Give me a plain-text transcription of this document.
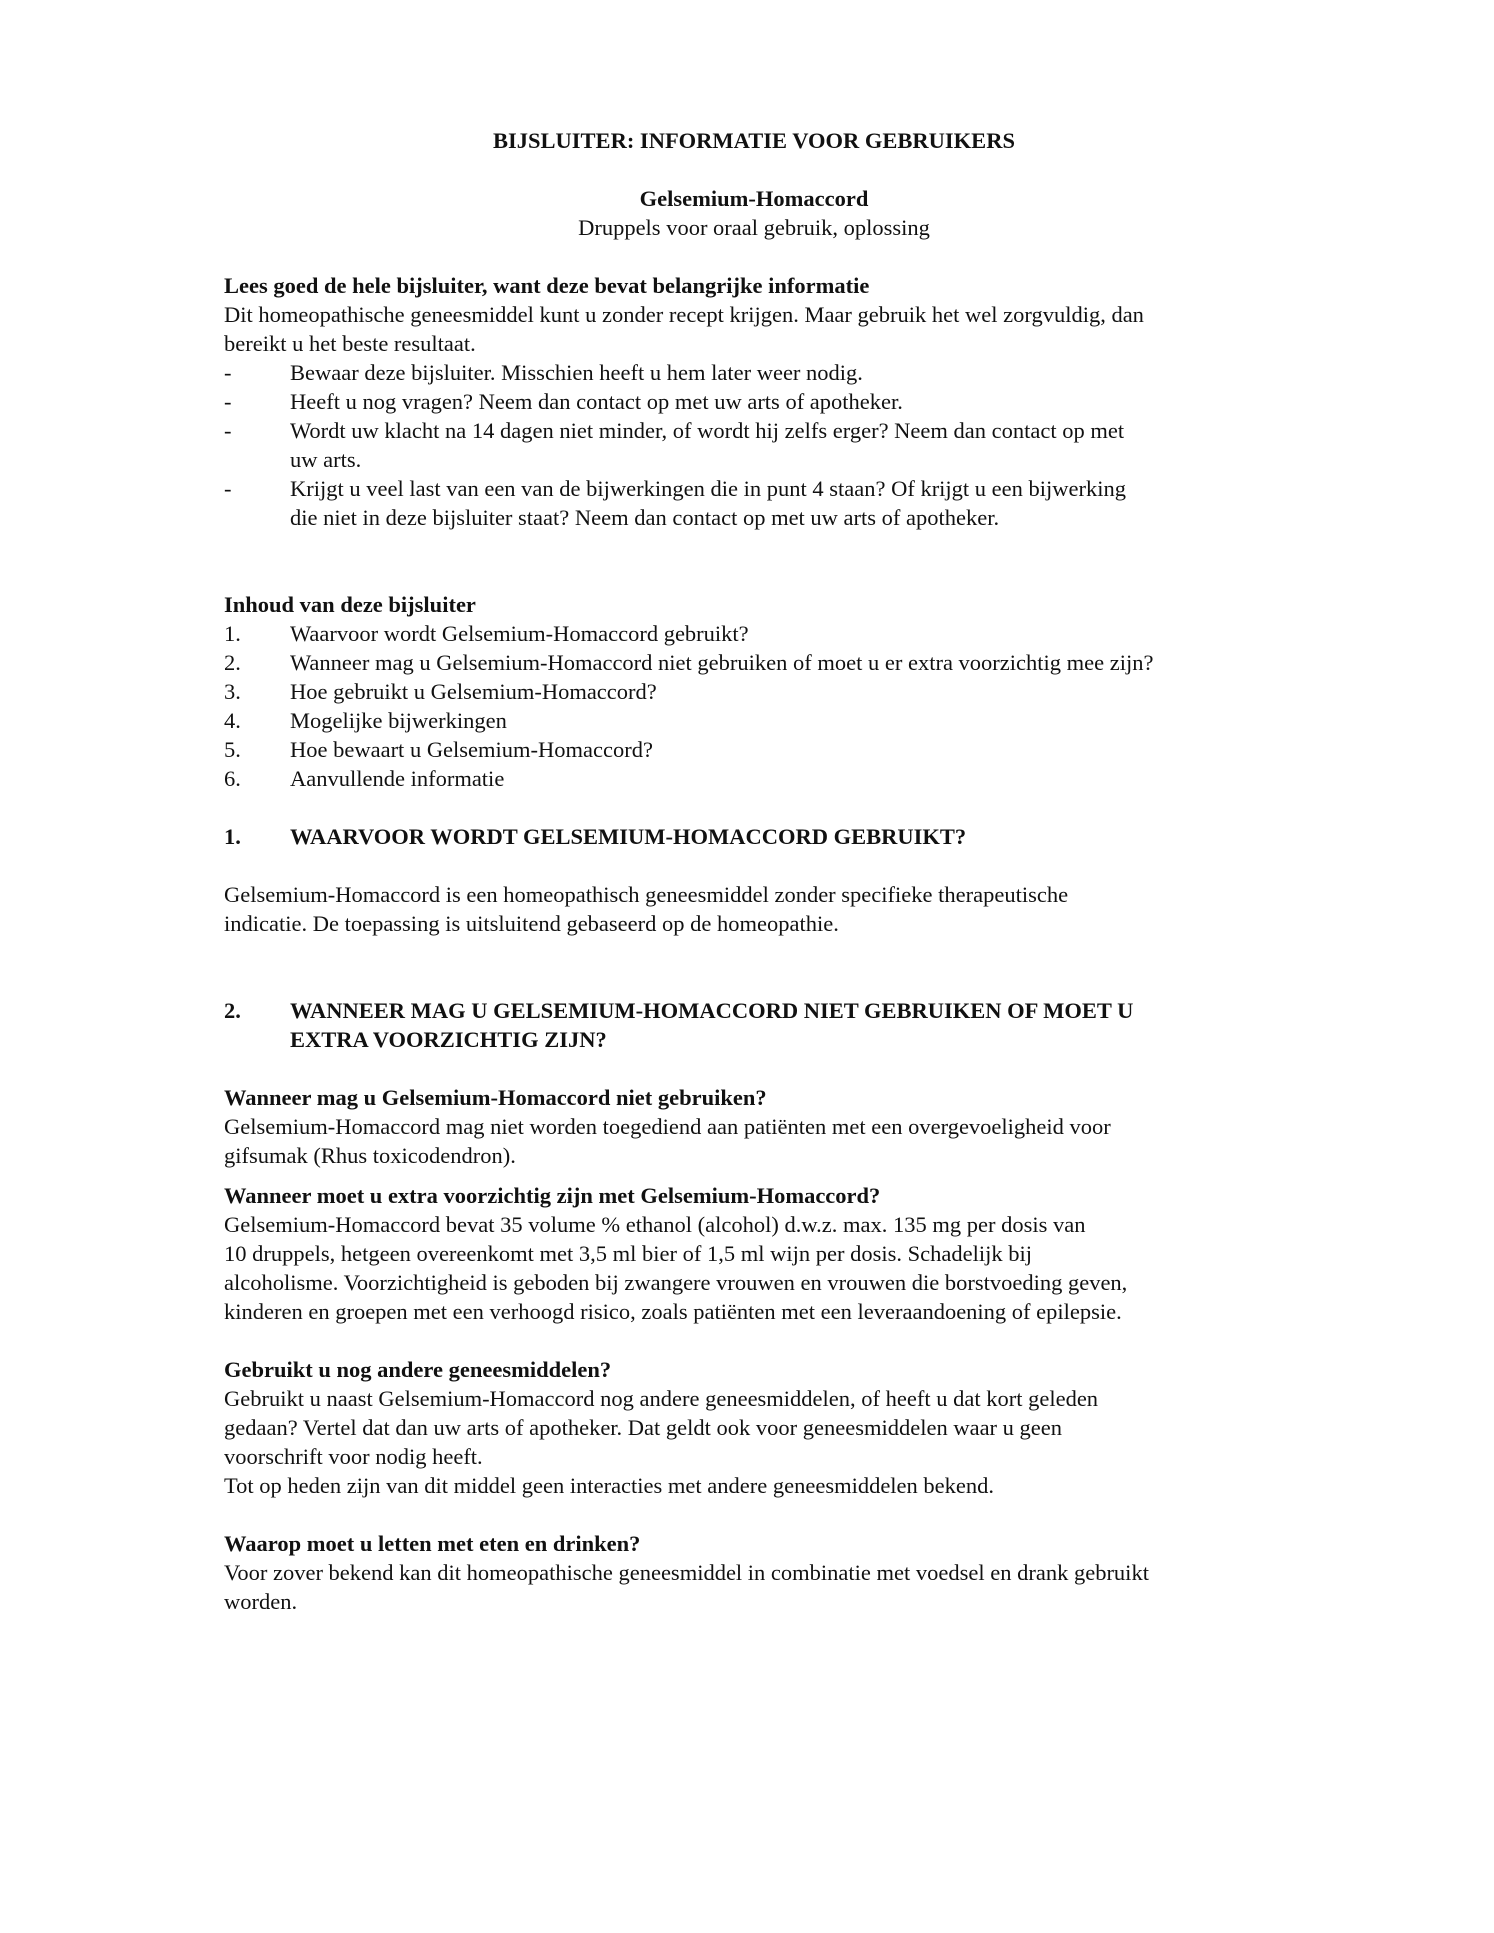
BIJSLUITER: INFORMATIE VOOR GEBRUIKERS

Gelsemium-Homaccord

Druppels voor oraal gebruik, oplossing

Lees goed de hele bijsluiter, want deze bevat belangrijke informatie

Dit homeopathische geneesmiddel kunt u zonder recept krijgen. Maar gebruik het wel zorgvuldig, dan

bereikt u het beste resultaat.

-	Bewaar deze bijsluiter. Misschien heeft u hem later weer nodig.
-	Heeft u nog vragen? Neem dan contact op met uw arts of apotheker.
-	Wordt uw klacht na 14 dagen niet minder, of wordt hij zelfs erger? Neem dan contact op met
uw arts.
-	Krijgt u veel last van een van de bijwerkingen die in punt 4 staan? Of krijgt u een bijwerking
die niet in deze bijsluiter staat? Neem dan contact op met uw arts of apotheker.

Inhoud van deze bijsluiter

1.	Waarvoor wordt Gelsemium-Homaccord gebruikt?
2.	Wanneer mag u Gelsemium-Homaccord niet gebruiken of moet u er extra voorzichtig mee zijn?
3.	Hoe gebruikt u Gelsemium-Homaccord?
4.	Mogelijke bijwerkingen
5.	Hoe bewaart u Gelsemium-Homaccord?
6.	Aanvullende informatie
1.	WAARVOOR WORDT GELSEMIUM-HOMACCORD GEBRUIKT?

Gelsemium-Homaccord is een homeopathisch geneesmiddel zonder specifieke therapeutische

indicatie. De toepassing is uitsluitend gebaseerd op de homeopathie.

2.	WANNEER MAG U GELSEMIUM-HOMACCORD NIET GEBRUIKEN OF MOET U
EXTRA VOORZICHTIG ZIJN?

Wanneer mag u Gelsemium-Homaccord niet gebruiken?

Gelsemium-Homaccord mag niet worden toegediend aan patiënten met een overgevoeligheid voor

gifsumak (Rhus toxicodendron).

Wanneer moet u extra voorzichtig zijn met Gelsemium-Homaccord?

Gelsemium-Homaccord bevat 35 volume % ethanol (alcohol) d.w.z. max. 135 mg per dosis van

10 druppels, hetgeen overeenkomt met 3,5 ml bier of 1,5 ml wijn per dosis. Schadelijk bij

alcoholisme. Voorzichtigheid is geboden bij zwangere vrouwen en vrouwen die borstvoeding geven,

kinderen en groepen met een verhoogd risico, zoals patiënten met een leveraandoening of epilepsie.

Gebruikt u nog andere geneesmiddelen?

Gebruikt u naast Gelsemium-Homaccord nog andere geneesmiddelen, of heeft u dat kort geleden

gedaan? Vertel dat dan uw arts of apotheker. Dat geldt ook voor geneesmiddelen waar u geen

voorschrift voor nodig heeft.

Tot op heden zijn van dit middel geen interacties met andere geneesmiddelen bekend.

Waarop moet u letten met eten en drinken?

Voor zover bekend kan dit homeopathische geneesmiddel in combinatie met voedsel en drank gebruikt

worden.
